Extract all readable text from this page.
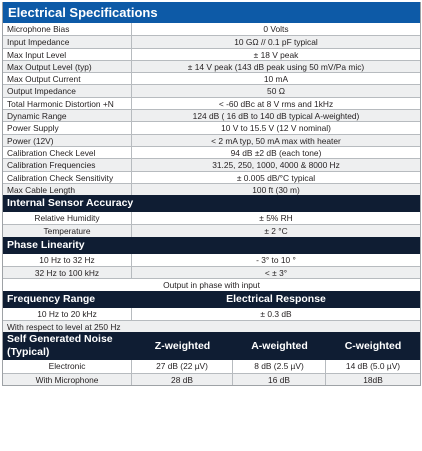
Electrical Specifications
Microphone Bias	0 Volts
Input Impedance	10 GΩ // 0.1 pF typical
Max Input Level	± 18 V peak
Max Output Level (typ)	± 14 V peak (143 dB peak using 50 mV/Pa mic)
Max Output Current	10 mA
Output Impedance	50 Ω
Total Harmonic Distortion +N	< -60 dBc at 8 V rms and 1kHz
Dynamic Range	124 dB ( 16 dB to 140 dB typical A-weighted)
Power Supply	10 V to 15.5 V (12 V nominal)
Power (12V)	< 2 mA typ, 50 mA max with heater
Calibration Check Level	94 dB ±2 dB (each tone)
Calibration Frequencies	31.25, 250, 1000, 4000 & 8000 Hz
Calibration Check Sensitivity	± 0.005 dB/°C typical
Max Cable Length	100 ft (30 m)
Internal Sensor Accuracy
Relative Humidity	± 5% RH
Temperature	± 2 °C
Phase Linearity
10 Hz to 32 Hz	- 3° to 10 °
32 Hz to 100 kHz	< ± 3°
Output in phase with input
Frequency Range	Electrical Response
10 Hz to 20 kHz	± 0.3 dB
With respect to level at 250 Hz
Self Generated Noise (Typical)	Z-weighted	A-weighted	C-weighted
Electronic	27 dB (22 µV)	8 dB (2.5 µV)	14 dB (5.0 µV)
With Microphone	28 dB	16 dB	18dB
